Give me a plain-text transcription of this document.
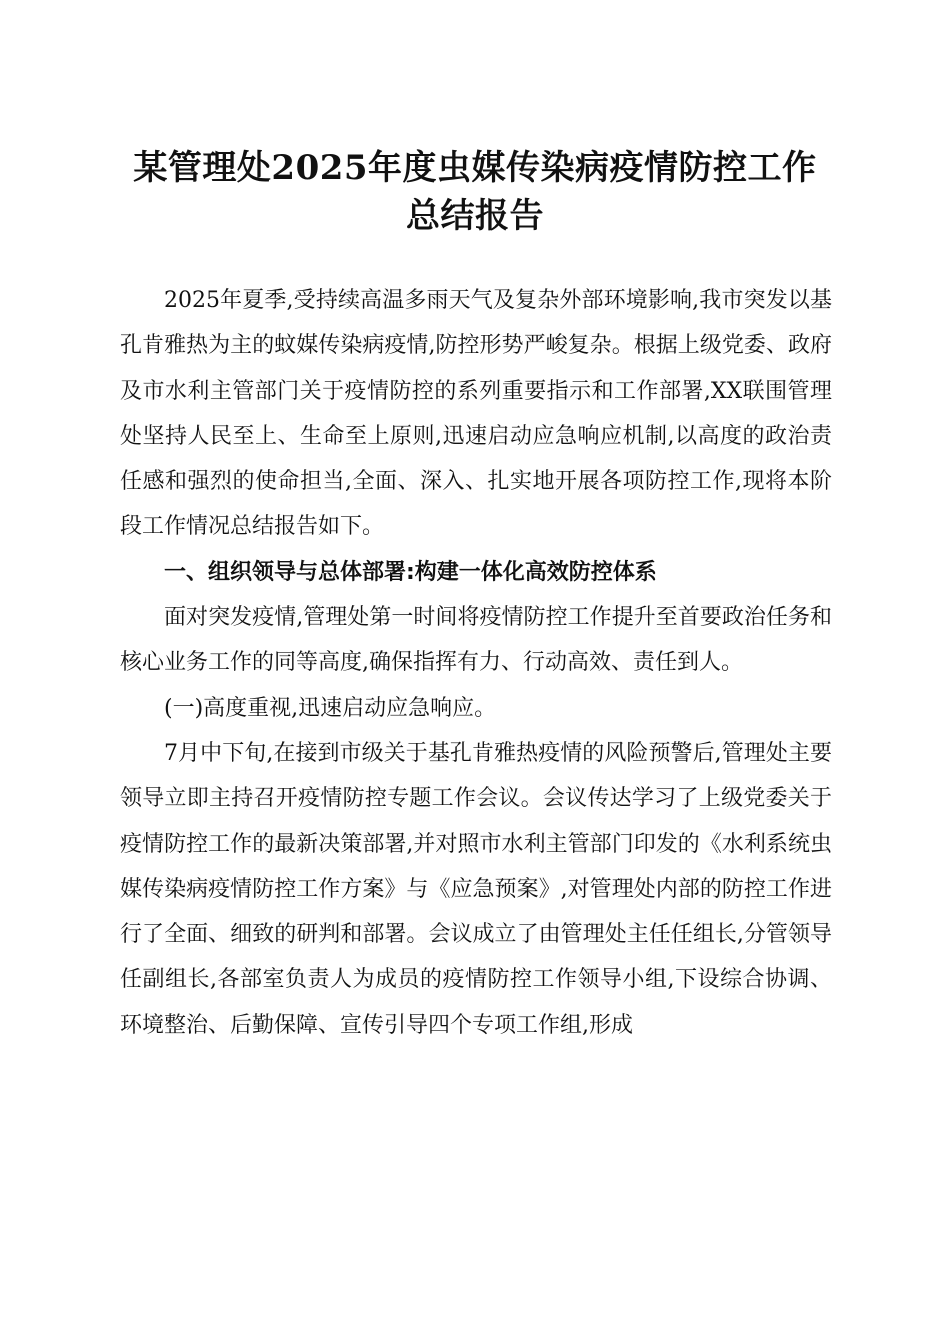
某管理处2025年度虫媒传染病疫情防控工作
总结报告

2025年夏季,受持续高温多雨天气及复杂外部环境影响,我市突发以基孔肯雅热为主的蚊媒传染病疫情,防控形势严峻复杂。根据上级党委、政府及市水利主管部门关于疫情防控的系列重要指示和工作部署,XX联围管理处坚持人民至上、生命至上原则,迅速启动应急响应机制,以高度的政治责任感和强烈的使命担当,全面、深入、扎实地开展各项防控工作,现将本阶段工作情况总结报告如下。

一、组织领导与总体部署:构建一体化高效防控体系

面对突发疫情,管理处第一时间将疫情防控工作提升至首要政治任务和核心业务工作的同等高度,确保指挥有力、行动高效、责任到人。

(一)高度重视,迅速启动应急响应。

7月中下旬,在接到市级关于基孔肯雅热疫情的风险预警后,管理处主要领导立即主持召开疫情防控专题工作会议。会议传达学习了上级党委关于疫情防控工作的最新决策部署,并对照市水利主管部门印发的《水利系统虫媒传染病疫情防控工作方案》与《应急预案》,对管理处内部的防控工作进行了全面、细致的研判和部署。会议成立了由管理处主任任组长,分管领导任副组长,各部室负责人为成员的疫情防控工作领导小组,下设综合协调、环境整治、后勤保障、宣传引导四个专项工作组,形成
